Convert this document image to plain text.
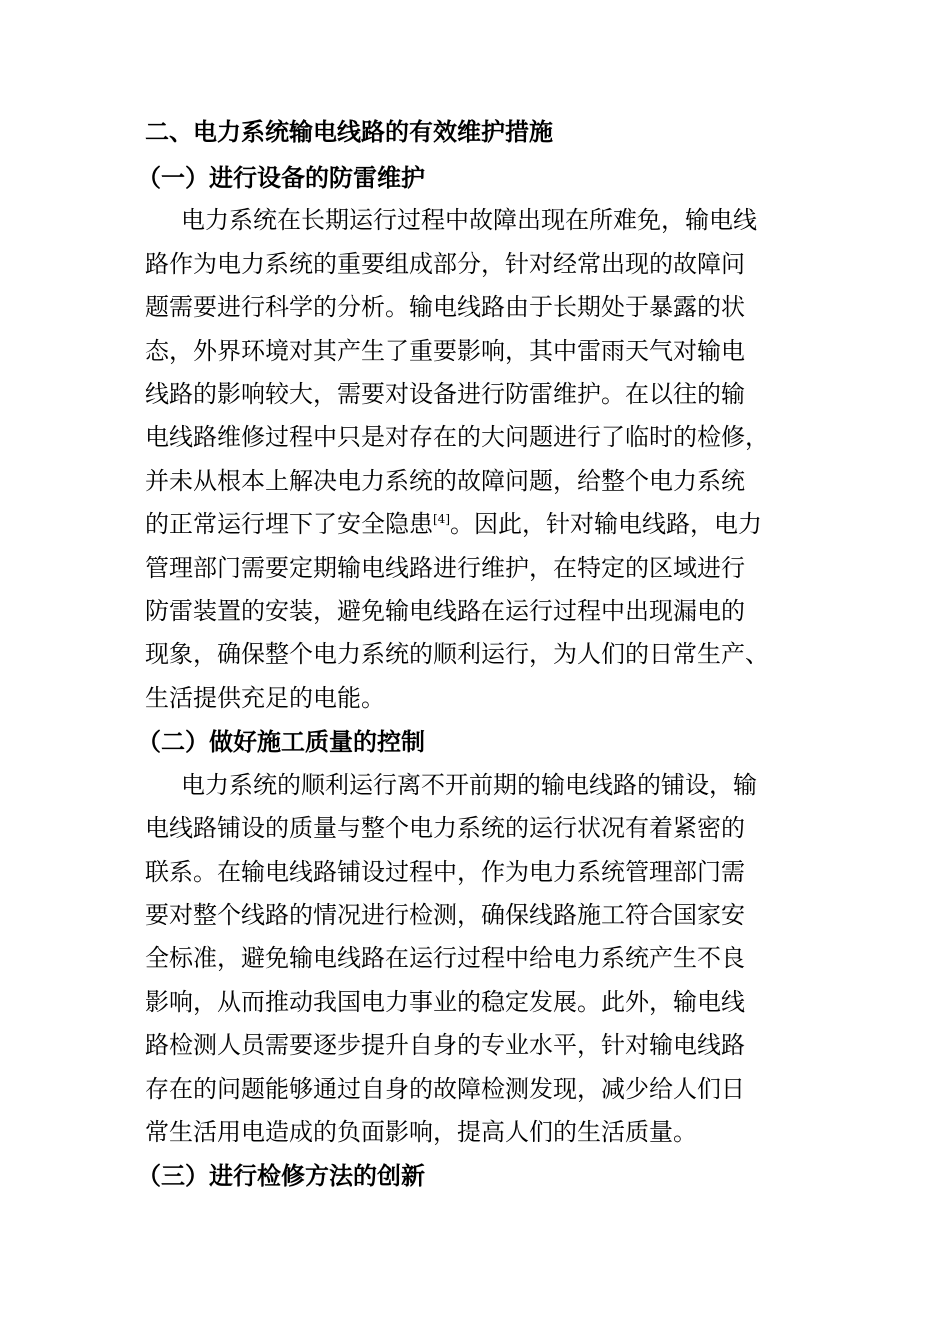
二、电力系统输电线路的有效维护措施
（一）进行设备的防雷维护
电力系统在长期运行过程中故障出现在所难免，输电线
路作为电力系统的重要组成部分，针对经常出现的故障问
题需要进行科学的分析。输电线路由于长期处于暴露的状
态，外界环境对其产生了重要影响，其中雷雨天气对输电
线路的影响较大，需要对设备进行防雷维护。在以往的输
电线路维修过程中只是对存在的大问题进行了临时的检修，
并未从根本上解决电力系统的故障问题，给整个电力系统
的正常运行埋下了安全隐患[4]。因此，针对输电线路，电力
管理部门需要定期输电线路进行维护，在特定的区域进行
防雷装置的安装，避免输电线路在运行过程中出现漏电的
现象，确保整个电力系统的顺利运行，为人们的日常生产、
生活提供充足的电能。
（二）做好施工质量的控制
电力系统的顺利运行离不开前期的输电线路的铺设，输
电线路铺设的质量与整个电力系统的运行状况有着紧密的
联系。在输电线路铺设过程中，作为电力系统管理部门需
要对整个线路的情况进行检测，确保线路施工符合国家安
全标准，避免输电线路在运行过程中给电力系统产生不良
影响，从而推动我国电力事业的稳定发展。此外，输电线
路检测人员需要逐步提升自身的专业水平，针对输电线路
存在的问题能够通过自身的故障检测发现，减少给人们日
常生活用电造成的负面影响，提高人们的生活质量。
（三）进行检修方法的创新
